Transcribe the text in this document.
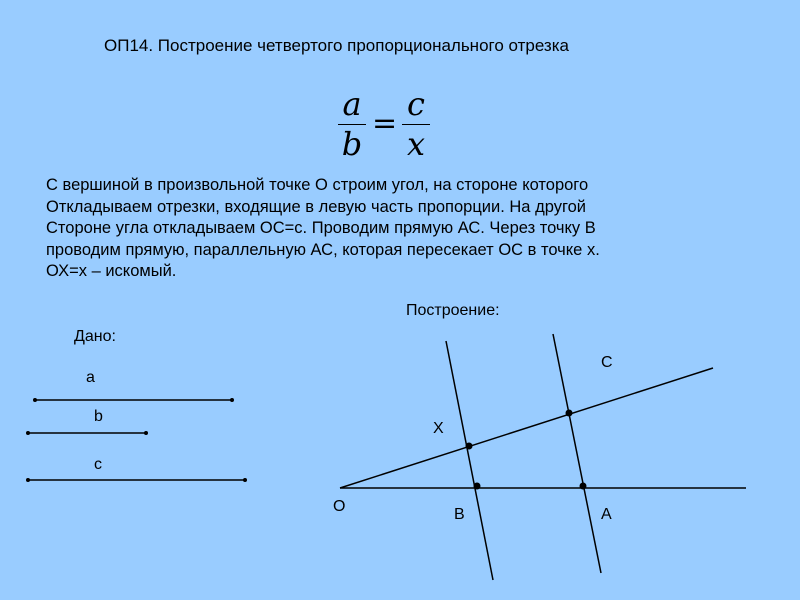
ОП14. Построение четвертого пропорционального отрезка
a
b
=
c
x
С вершиной в произвольной точке О строим угол, на стороне которого
Откладываем отрезки, входящие в левую часть пропорции. На другой
Стороне угла откладываем ОС=с. Проводим прямую АС. Через точку В
проводим прямую, параллельную АС, которая пересекает ОС в точке х.
ОХ=х – искомый.
Построение:
Дано:
a
b
c
O
X
C
B	A
